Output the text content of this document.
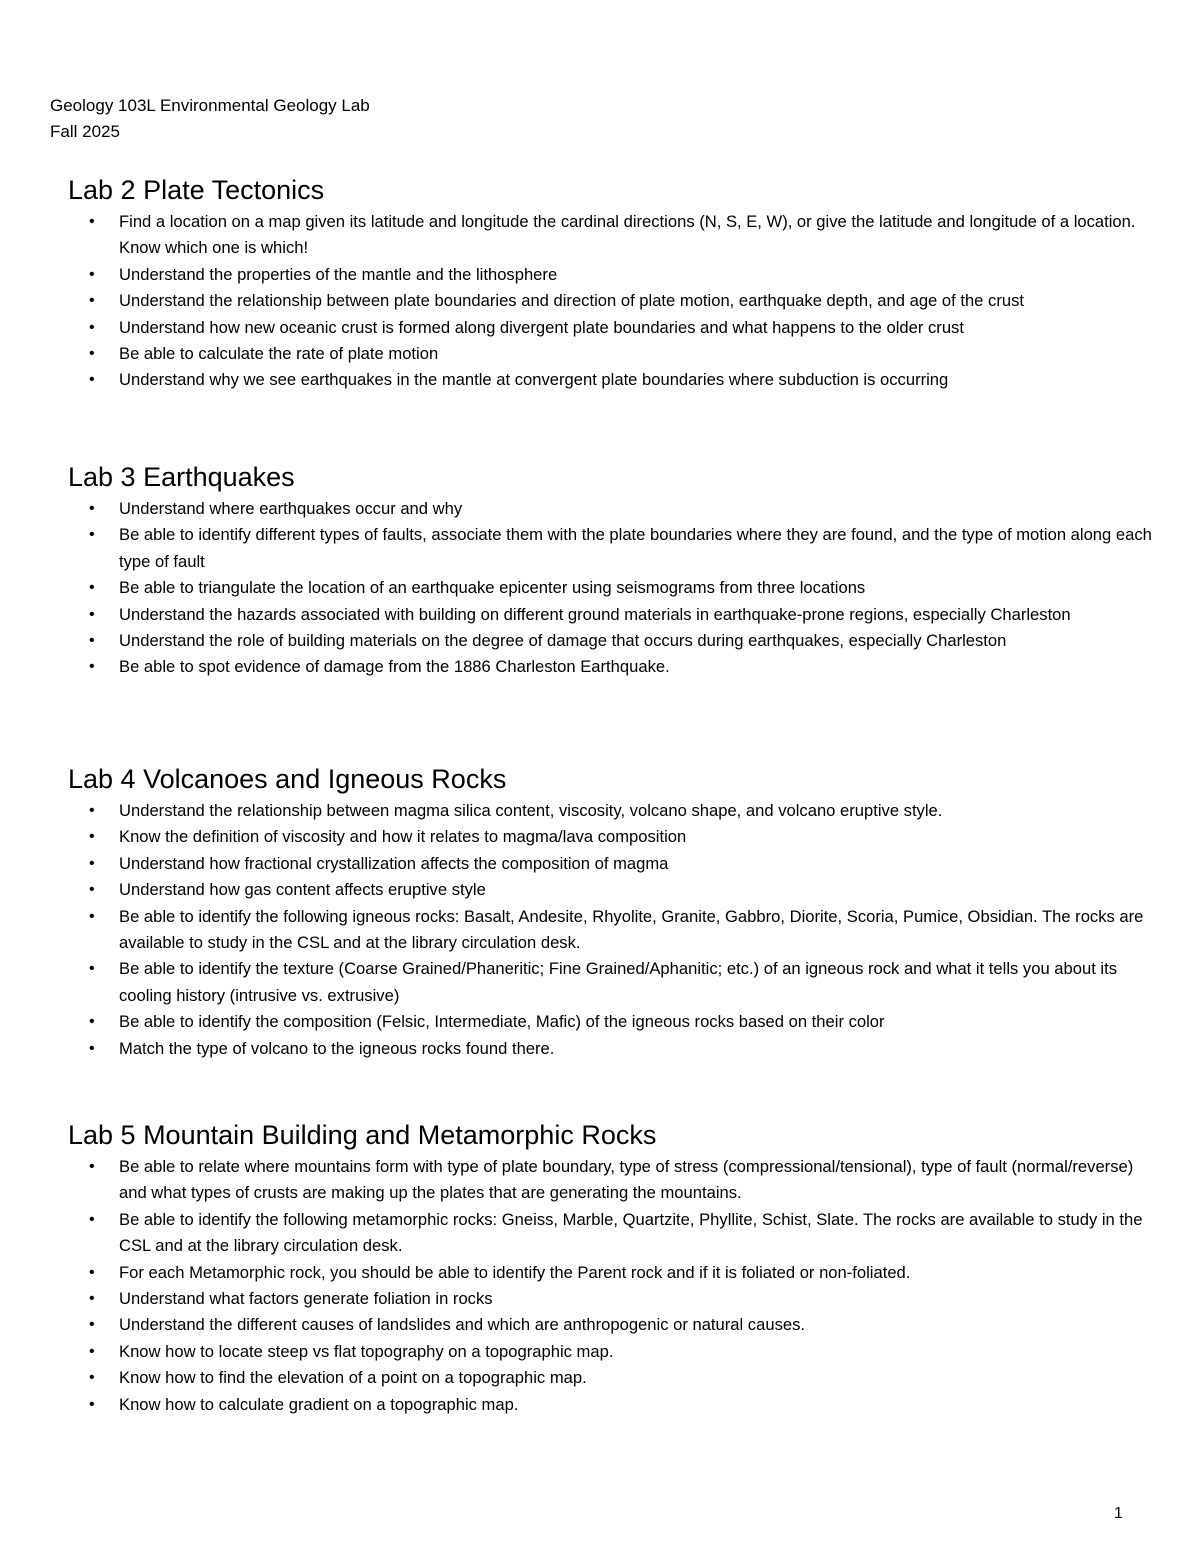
Geology 103L Environmental Geology Lab
Fall 2025
Lab 2 Plate Tectonics
• Find a location on a map given its latitude and longitude the cardinal directions (N, S, E, W), or give the latitude and longitude of a location. Know which one is which!
• Understand the properties of the mantle and the lithosphere
• Understand the relationship between plate boundaries and direction of plate motion, earthquake depth, and age of the crust
• Understand how new oceanic crust is formed along divergent plate boundaries and what happens to the older crust
• Be able to calculate the rate of plate motion
• Understand why we see earthquakes in the mantle at convergent plate boundaries where subduction is occurring
Lab 3 Earthquakes
• Understand where earthquakes occur and why
• Be able to identify different types of faults, associate them with the plate boundaries where they are found, and the type of motion along each type of fault
• Be able to triangulate the location of an earthquake epicenter using seismograms from three locations
• Understand the hazards associated with building on different ground materials in earthquake-prone regions, especially Charleston
• Understand the role of building materials on the degree of damage that occurs during earthquakes, especially Charleston
• Be able to spot evidence of damage from the 1886 Charleston Earthquake.
Lab 4 Volcanoes and Igneous Rocks
• Understand the relationship between magma silica content, viscosity, volcano shape, and volcano eruptive style.
• Know the definition of viscosity and how it relates to magma/lava composition
• Understand how fractional crystallization affects the composition of magma
• Understand how gas content affects eruptive style
• Be able to identify the following igneous rocks: Basalt, Andesite, Rhyolite, Granite, Gabbro, Diorite, Scoria, Pumice, Obsidian. The rocks are available to study in the CSL and at the library circulation desk.
• Be able to identify the texture (Coarse Grained/Phaneritic; Fine Grained/Aphanitic; etc.) of an igneous rock and what it tells you about its cooling history (intrusive vs. extrusive)
• Be able to identify the composition (Felsic, Intermediate, Mafic) of the igneous rocks based on their color
• Match the type of volcano to the igneous rocks found there.
Lab 5 Mountain Building and Metamorphic Rocks
• Be able to relate where mountains form with type of plate boundary, type of stress (compressional/tensional), type of fault (normal/reverse) and what types of crusts are making up the plates that are generating the mountains.
• Be able to identify the following metamorphic rocks: Gneiss, Marble, Quartzite, Phyllite, Schist, Slate. The rocks are available to study in the CSL and at the library circulation desk.
• For each Metamorphic rock, you should be able to identify the Parent rock and if it is foliated or non-foliated.
• Understand what factors generate foliation in rocks
• Understand the different causes of landslides and which are anthropogenic or natural causes.
• Know how to locate steep vs flat topography on a topographic map.
• Know how to find the elevation of a point on a topographic map.
• Know how to calculate gradient on a topographic map.
1
